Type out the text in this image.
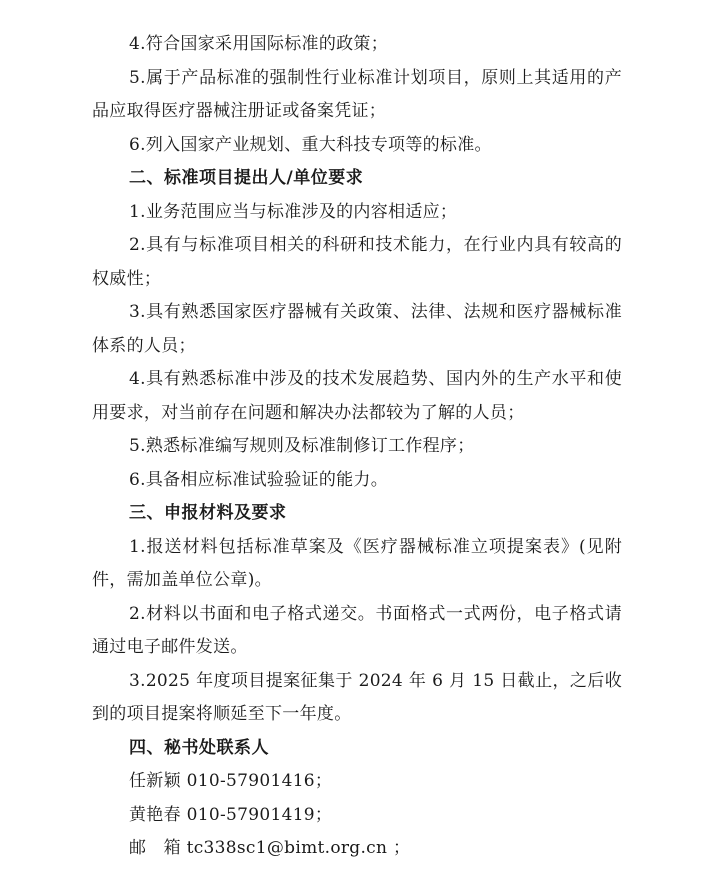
4.符合国家采用国际标准的政策；

5.属于产品标准的强制性行业标准计划项目，原则上其适用的产品应取得医疗器械注册证或备案凭证；

6.列入国家产业规划、重大科技专项等的标准。

二、标准项目提出人/单位要求

1.业务范围应当与标准涉及的内容相适应；

2.具有与标准项目相关的科研和技术能力，在行业内具有较高的权威性；

3.具有熟悉国家医疗器械有关政策、法律、法规和医疗器械标准体系的人员；

4.具有熟悉标准中涉及的技术发展趋势、国内外的生产水平和使用要求，对当前存在问题和解决办法都较为了解的人员；

5.熟悉标准编写规则及标准制修订工作程序；

6.具备相应标准试验验证的能力。

三、申报材料及要求

1.报送材料包括标准草案及《医疗器械标准立项提案表》(见附件，需加盖单位公章)。

2.材料以书面和电子格式递交。书面格式一式两份，电子格式请通过电子邮件发送。

3.2025 年度项目提案征集于 2024 年 6 月 15 日截止，之后收到的项目提案将顺延至下一年度。

四、秘书处联系人

任新颖 010-57901416；

黄艳春 010-57901419；

邮　箱 tc338sc1@bimt.org.cn ；
